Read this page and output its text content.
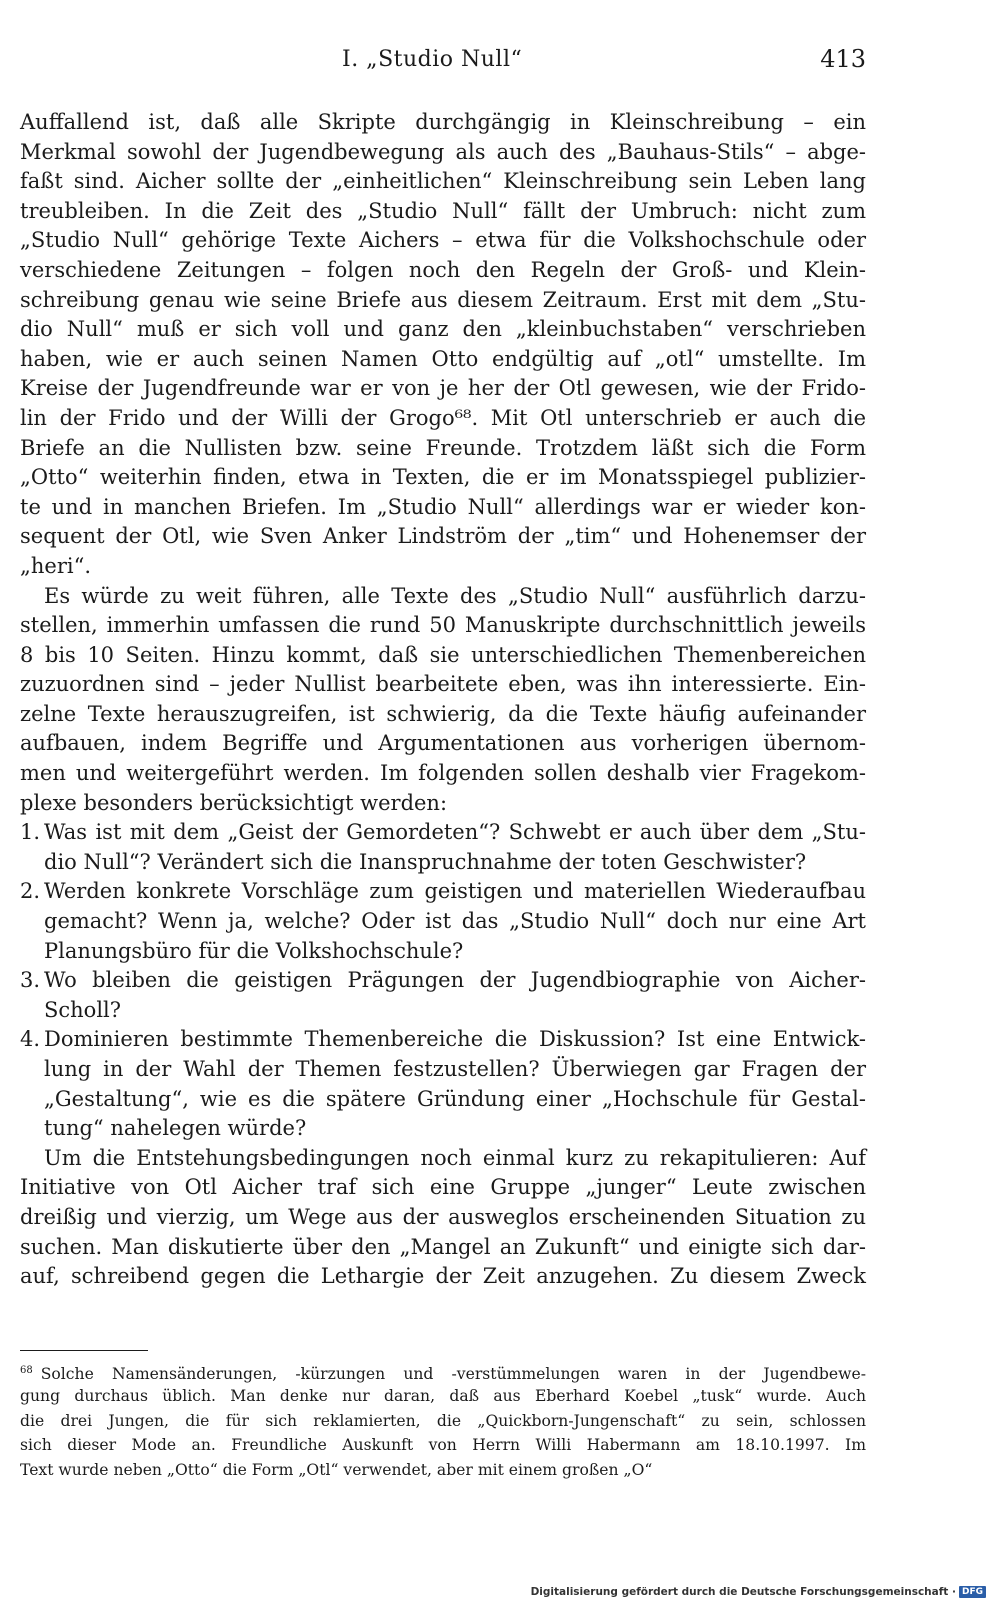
I. „Studio Null“	413
Auffallend ist, daß alle Skripte durchgängig in Kleinschreibung – ein
Merkmal sowohl der Jugendbewegung als auch des „Bauhaus-Stils“ – abge-
faßt sind. Aicher sollte der „einheitlichen“ Kleinschreibung sein Leben lang
treubleiben. In die Zeit des „Studio Null“ fällt der Umbruch: nicht zum
„Studio Null“ gehörige Texte Aichers – etwa für die Volkshochschule oder
verschiedene Zeitungen – folgen noch den Regeln der Groß- und Klein-
schreibung genau wie seine Briefe aus diesem Zeitraum. Erst mit dem „Stu-
dio Null“ muß er sich voll und ganz den „kleinbuchstaben“ verschrieben
haben, wie er auch seinen Namen Otto endgültig auf „otl“ umstellte. Im
Kreise der Jugendfreunde war er von je her der Otl gewesen, wie der Frido-
lin der Frido und der Willi der Grogo⁶⁸. Mit Otl unterschrieb er auch die
Briefe an die Nullisten bzw. seine Freunde. Trotzdem läßt sich die Form
„Otto“ weiterhin finden, etwa in Texten, die er im Monatsspiegel publizier-
te und in manchen Briefen. Im „Studio Null“ allerdings war er wieder kon-
sequent der Otl, wie Sven Anker Lindström der „tim“ und Hohenemser der
„heri“.
Es würde zu weit führen, alle Texte des „Studio Null“ ausführlich darzu-
stellen, immerhin umfassen die rund 50 Manuskripte durchschnittlich jeweils
8 bis 10 Seiten. Hinzu kommt, daß sie unterschiedlichen Themenbereichen
zuzuordnen sind – jeder Nullist bearbeitete eben, was ihn interessierte. Ein-
zelne Texte herauszugreifen, ist schwierig, da die Texte häufig aufeinander
aufbauen, indem Begriffe und Argumentationen aus vorherigen übernom-
men und weitergeführt werden. Im folgenden sollen deshalb vier Fragekom-
plexe besonders berücksichtigt werden:
1. Was ist mit dem „Geist der Gemordeten“? Schwebt er auch über dem „Stu-
dio Null“? Verändert sich die Inanspruchnahme der toten Geschwister?
2. Werden konkrete Vorschläge zum geistigen und materiellen Wiederaufbau
gemacht? Wenn ja, welche? Oder ist das „Studio Null“ doch nur eine Art
Planungsbüro für die Volkshochschule?
3. Wo bleiben die geistigen Prägungen der Jugendbiographie von Aicher-
Scholl?
4. Dominieren bestimmte Themenbereiche die Diskussion? Ist eine Entwick-
lung in der Wahl der Themen festzustellen? Überwiegen gar Fragen der
„Gestaltung“, wie es die spätere Gründung einer „Hochschule für Gestal-
tung“ nahelegen würde?
Um die Entstehungsbedingungen noch einmal kurz zu rekapitulieren: Auf
Initiative von Otl Aicher traf sich eine Gruppe „junger“ Leute zwischen
dreißig und vierzig, um Wege aus der ausweglos erscheinenden Situation zu
suchen. Man diskutierte über den „Mangel an Zukunft“ und einigte sich dar-
auf, schreibend gegen die Lethargie der Zeit anzugehen. Zu diesem Zweck
$^{68}$ Solche Namensänderungen, -kürzungen und -verstümmelungen waren in der Jugendbewe-
gung durchaus üblich. Man denke nur daran, daß aus Eberhard Koebel „tusk“ wurde. Auch
die drei Jungen, die für sich reklamierten, die „Quickborn-Jungenschaft“ zu sein, schlossen
sich dieser Mode an. Freundliche Auskunft von Herrn Willi Habermann am 18.10.1997. Im
Text wurde neben „Otto“ die Form „Otl“ verwendet, aber mit einem großen „O“
Digitalisierung gefördert durch die Deutsche Forschungsgemeinschaft · DFG
